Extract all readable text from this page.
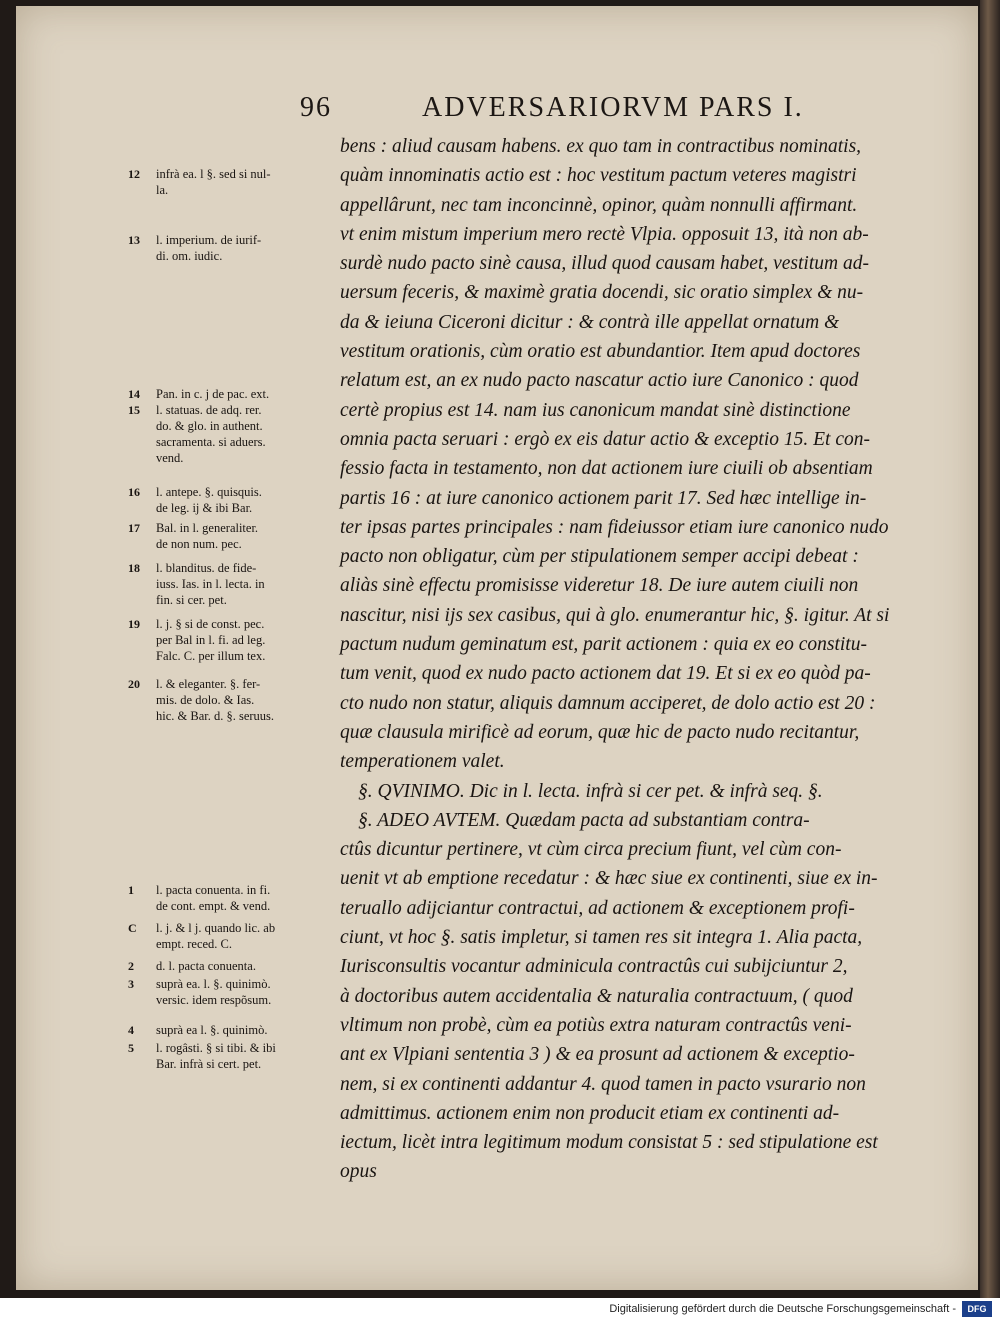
96	ADVERSARIORVM PARS I.
bens : aliud causam habens. ex quo tam in contractibus nominatis,
quàm innominatis actio est : hoc vestitum pactum veteres magistri
appellârunt, nec tam inconcinnè, opinor, quàm nonnulli affirmant.
vt enim mistum imperium mero rectè Vlpia. opposuit 13, ità non ab-
surdè nudo pacto sinè causa, illud quod causam habet, vestitum ad-
uersum feceris, & maximè gratia docendi, sic oratio simplex & nu-
da & ieiuna Ciceroni dicitur : & contrà ille appellat ornatum &
vestitum orationis, cùm oratio est abundantior. Item apud doctores
relatum est, an ex nudo pacto nascatur actio iure Canonico : quod
certè propius est 14. nam ius canonicum mandat sinè distinctione
omnia pacta seruari : ergò ex eis datur actio & exceptio 15. Et con-
fessio facta in testamento, non dat actionem iure ciuili ob absentiam
partis 16 : at iure canonico actionem parit 17. Sed hæc intellige in-
ter ipsas partes principales : nam fideiussor etiam iure canonico nudo
pacto non obligatur, cùm per stipulationem semper accipi debeat :
aliàs sinè effectu promisisse videretur 18. De iure autem ciuili non
nascitur, nisi ijs sex casibus, qui à glo. enumerantur hic, §. igitur. At si
pactum nudum geminatum est, parit actionem : quia ex eo constitu-
tum venit, quod ex nudo pacto actionem dat 19. Et si ex eo quòd pa-
cto nudo non statur, aliquis damnum acciperet, de dolo actio est 20 :
quæ clausula mirificè ad eorum, quæ hic de pacto nudo recitantur,
temperationem valet.
§. QVINIMO. Dic in l. lecta. infrà si cer pet. & infrà seq. §.
§. ADEO AVTEM. Quædam pacta ad substantiam contra-
ctûs dicuntur pertinere, vt cùm circa precium fiunt, vel cùm con-
uenit vt ab emptione recedatur : & hæc siue ex continenti, siue ex in-
teruallo adijciantur contractui, ad actionem & exceptionem profi-
ciunt, vt hoc §. satis impletur, si tamen res sit integra 1. Alia pacta,
Iurisconsultis vocantur adminicula contractûs cui subijciuntur 2,
à doctoribus autem accidentalia & naturalia contractuum, ( quod
vltimum non probè, cùm ea potiùs extra naturam contractûs veni-
ant ex Vlpiani sententia 3 ) & ea prosunt ad actionem & exceptio-
nem, si ex continenti addantur 4. quod tamen in pacto vsurario non
admittimus. actionem enim non producit etiam ex continenti ad-
iectum, licèt intra legitimum modum consistat 5 : sed stipulatione est
opus
12	infrà ea. l §. sed si nul-
la.
13	l. imperium. de iurif-
di. om. iudic.
14	Pan. in c. j de pac. ext.
15	l. statuas. de adq. rer.
do. & glo. in authent.
sacramenta. si aduers.
vend.
16	l. antepe. §. quisquis.
de leg. ij & ibi Bar.
17	Bal. in l. generaliter.
de non num. pec.
18	l. blanditus. de fide-
iuss. Ias. in l. lecta. in
fin. si cer. pet.
19	l. j. § si de const. pec.
per Bal in l. fi. ad leg.
Falc. C. per illum tex.
20	l. & eleganter. §. fer-
mis. de dolo. & Ias.
hic. & Bar. d. §. seruus.
1	l. pacta conuenta. in fi.
de cont. empt. & vend.
C	l. j. & l j. quando lic. ab
empt. reced. C.
2	d. l. pacta conuenta.
3	suprà ea. l. §. quinimò.
versic. idem respõsum.
4	suprà ea l. §. quinimò.
5	l. rogâsti. § si tibi. & ibi
Bar. infrà si cert. pet.
Digitalisierung gefördert durch die Deutsche Forschungsgemeinschaft -	DFG
